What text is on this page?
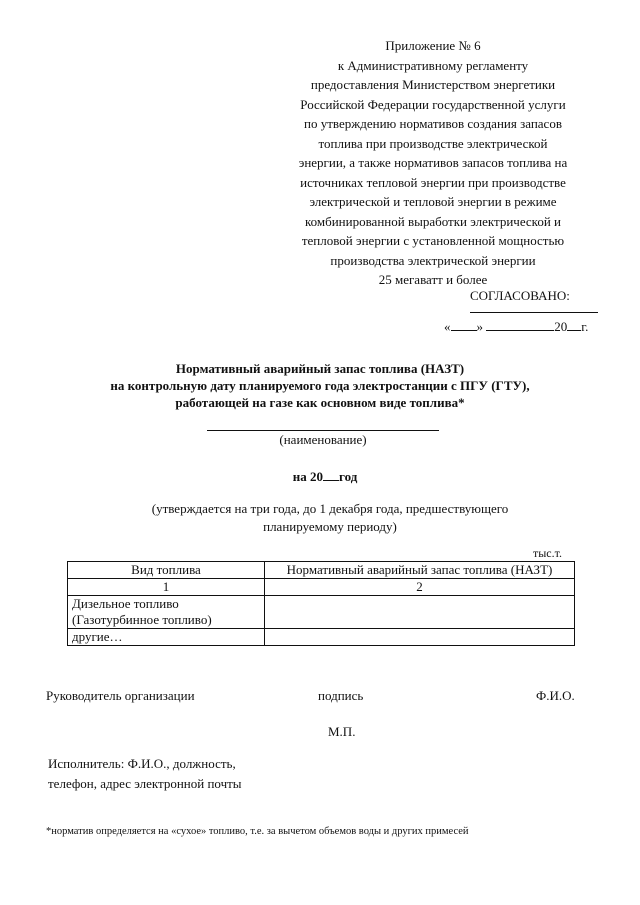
Приложение № 6
к Административному регламенту
предоставления Министерством энергетики
Российской Федерации государственной услуги
по утверждению нормативов создания запасов
топлива при производстве электрической
энергии, а также нормативов запасов топлива на
источниках тепловой энергии при производстве
электрической и тепловой энергии в режиме
комбинированной выработки электрической и
тепловой энергии с установленной мощностью
производства электрической энергии
25 мегаватт и более
СОГЛАСОВАНО:
« »	20 г.
Нормативный аварийный запас топлива (НАЗТ)
на контрольную дату планируемого года электростанции с ПГУ (ГТУ),
работающей на газе как основном виде топлива*
(наименование)
на 20 год
(утверждается на три года, до 1 декабря года, предшествующего
планируемому периоду)
тыс.т.
Вид топлива	Нормативный аварийный запас топлива (НАЗТ)
1	2
Дизельное топливо (Газотурбинное топливо)	
другие…	
Руководитель организации	подпись	Ф.И.О.
М.П.
Исполнитель: Ф.И.О., должность,
телефон, адрес электронной почты
*норматив определяется на «сухое» топливо, т.е. за вычетом объемов воды и других примесей
